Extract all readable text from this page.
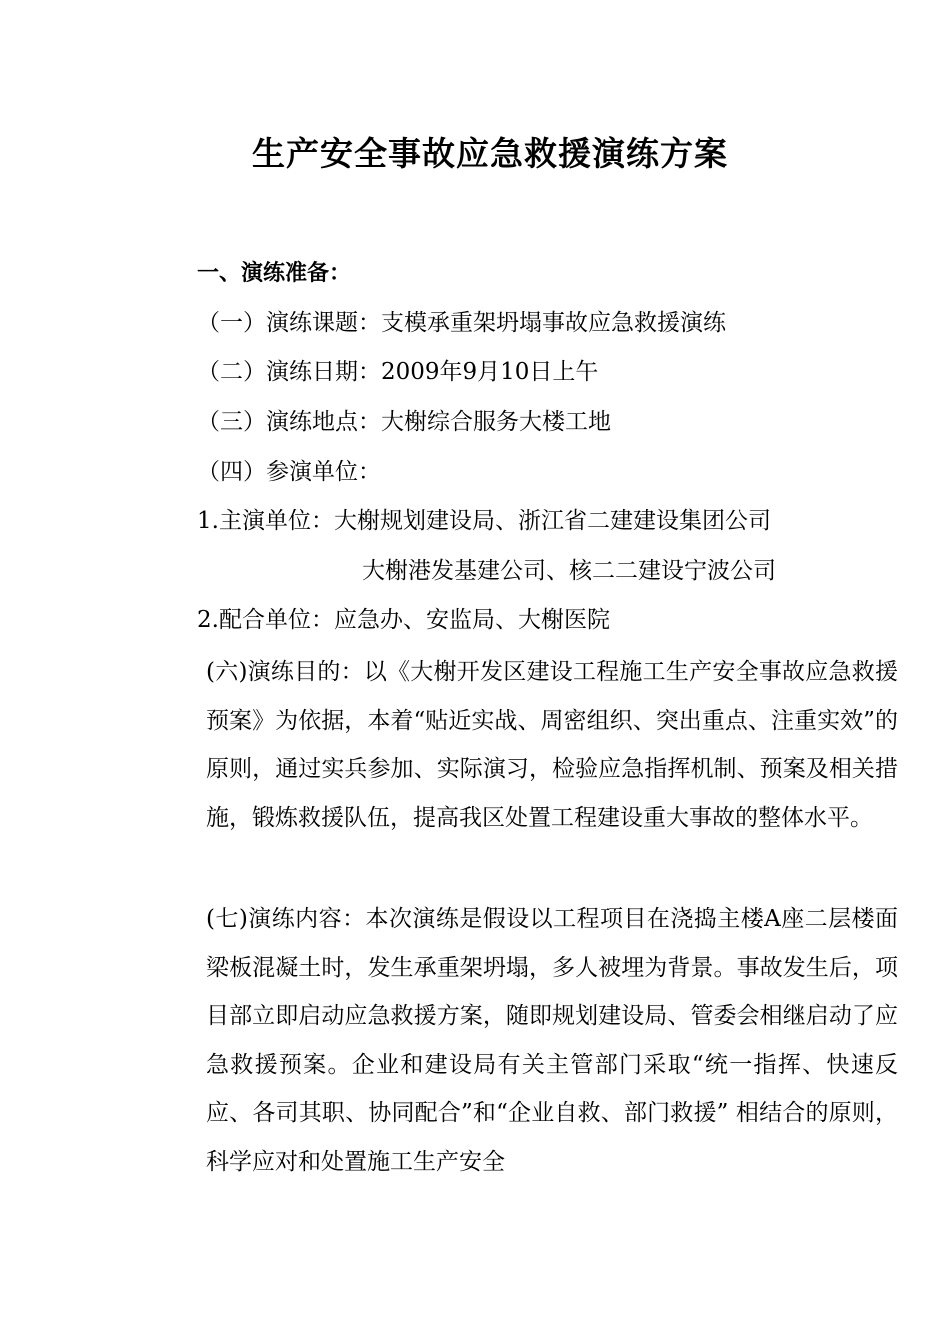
生产安全事故应急救援演练方案
一、演练准备：
（一）演练课题：支模承重架坍塌事故应急救援演练
（二）演练日期：2009年9月10日上午
（三）演练地点：大榭综合服务大楼工地
（四）参演单位：
1.主演单位：大榭规划建设局、浙江省二建建设集团公司
大榭港发基建公司、核二二建设宁波公司
2.配合单位：应急办、安监局、大榭医院
(六)演练目的：以《大榭开发区建设工程施工生产安全事故应急救援预案》为依据，本着“贴近实战、周密组织、突出重点、注重实效”的原则，通过实兵参加、实际演习，检验应急指挥机制、预案及相关措施，锻炼救援队伍，提高我区处置工程建设重大事故的整体水平。
(七)演练内容：本次演练是假设以工程项目在浇捣主楼A座二层楼面梁板混凝土时，发生承重架坍塌，多人被埋为背景。事故发生后，项目部立即启动应急救援方案，随即规划建设局、管委会相继启动了应急救援预案。企业和建设局有关主管部门采取“统一指挥、快速反应、各司其职、协同配合”和“企业自救、部门救援” 相结合的原则，科学应对和处置施工生产安全
